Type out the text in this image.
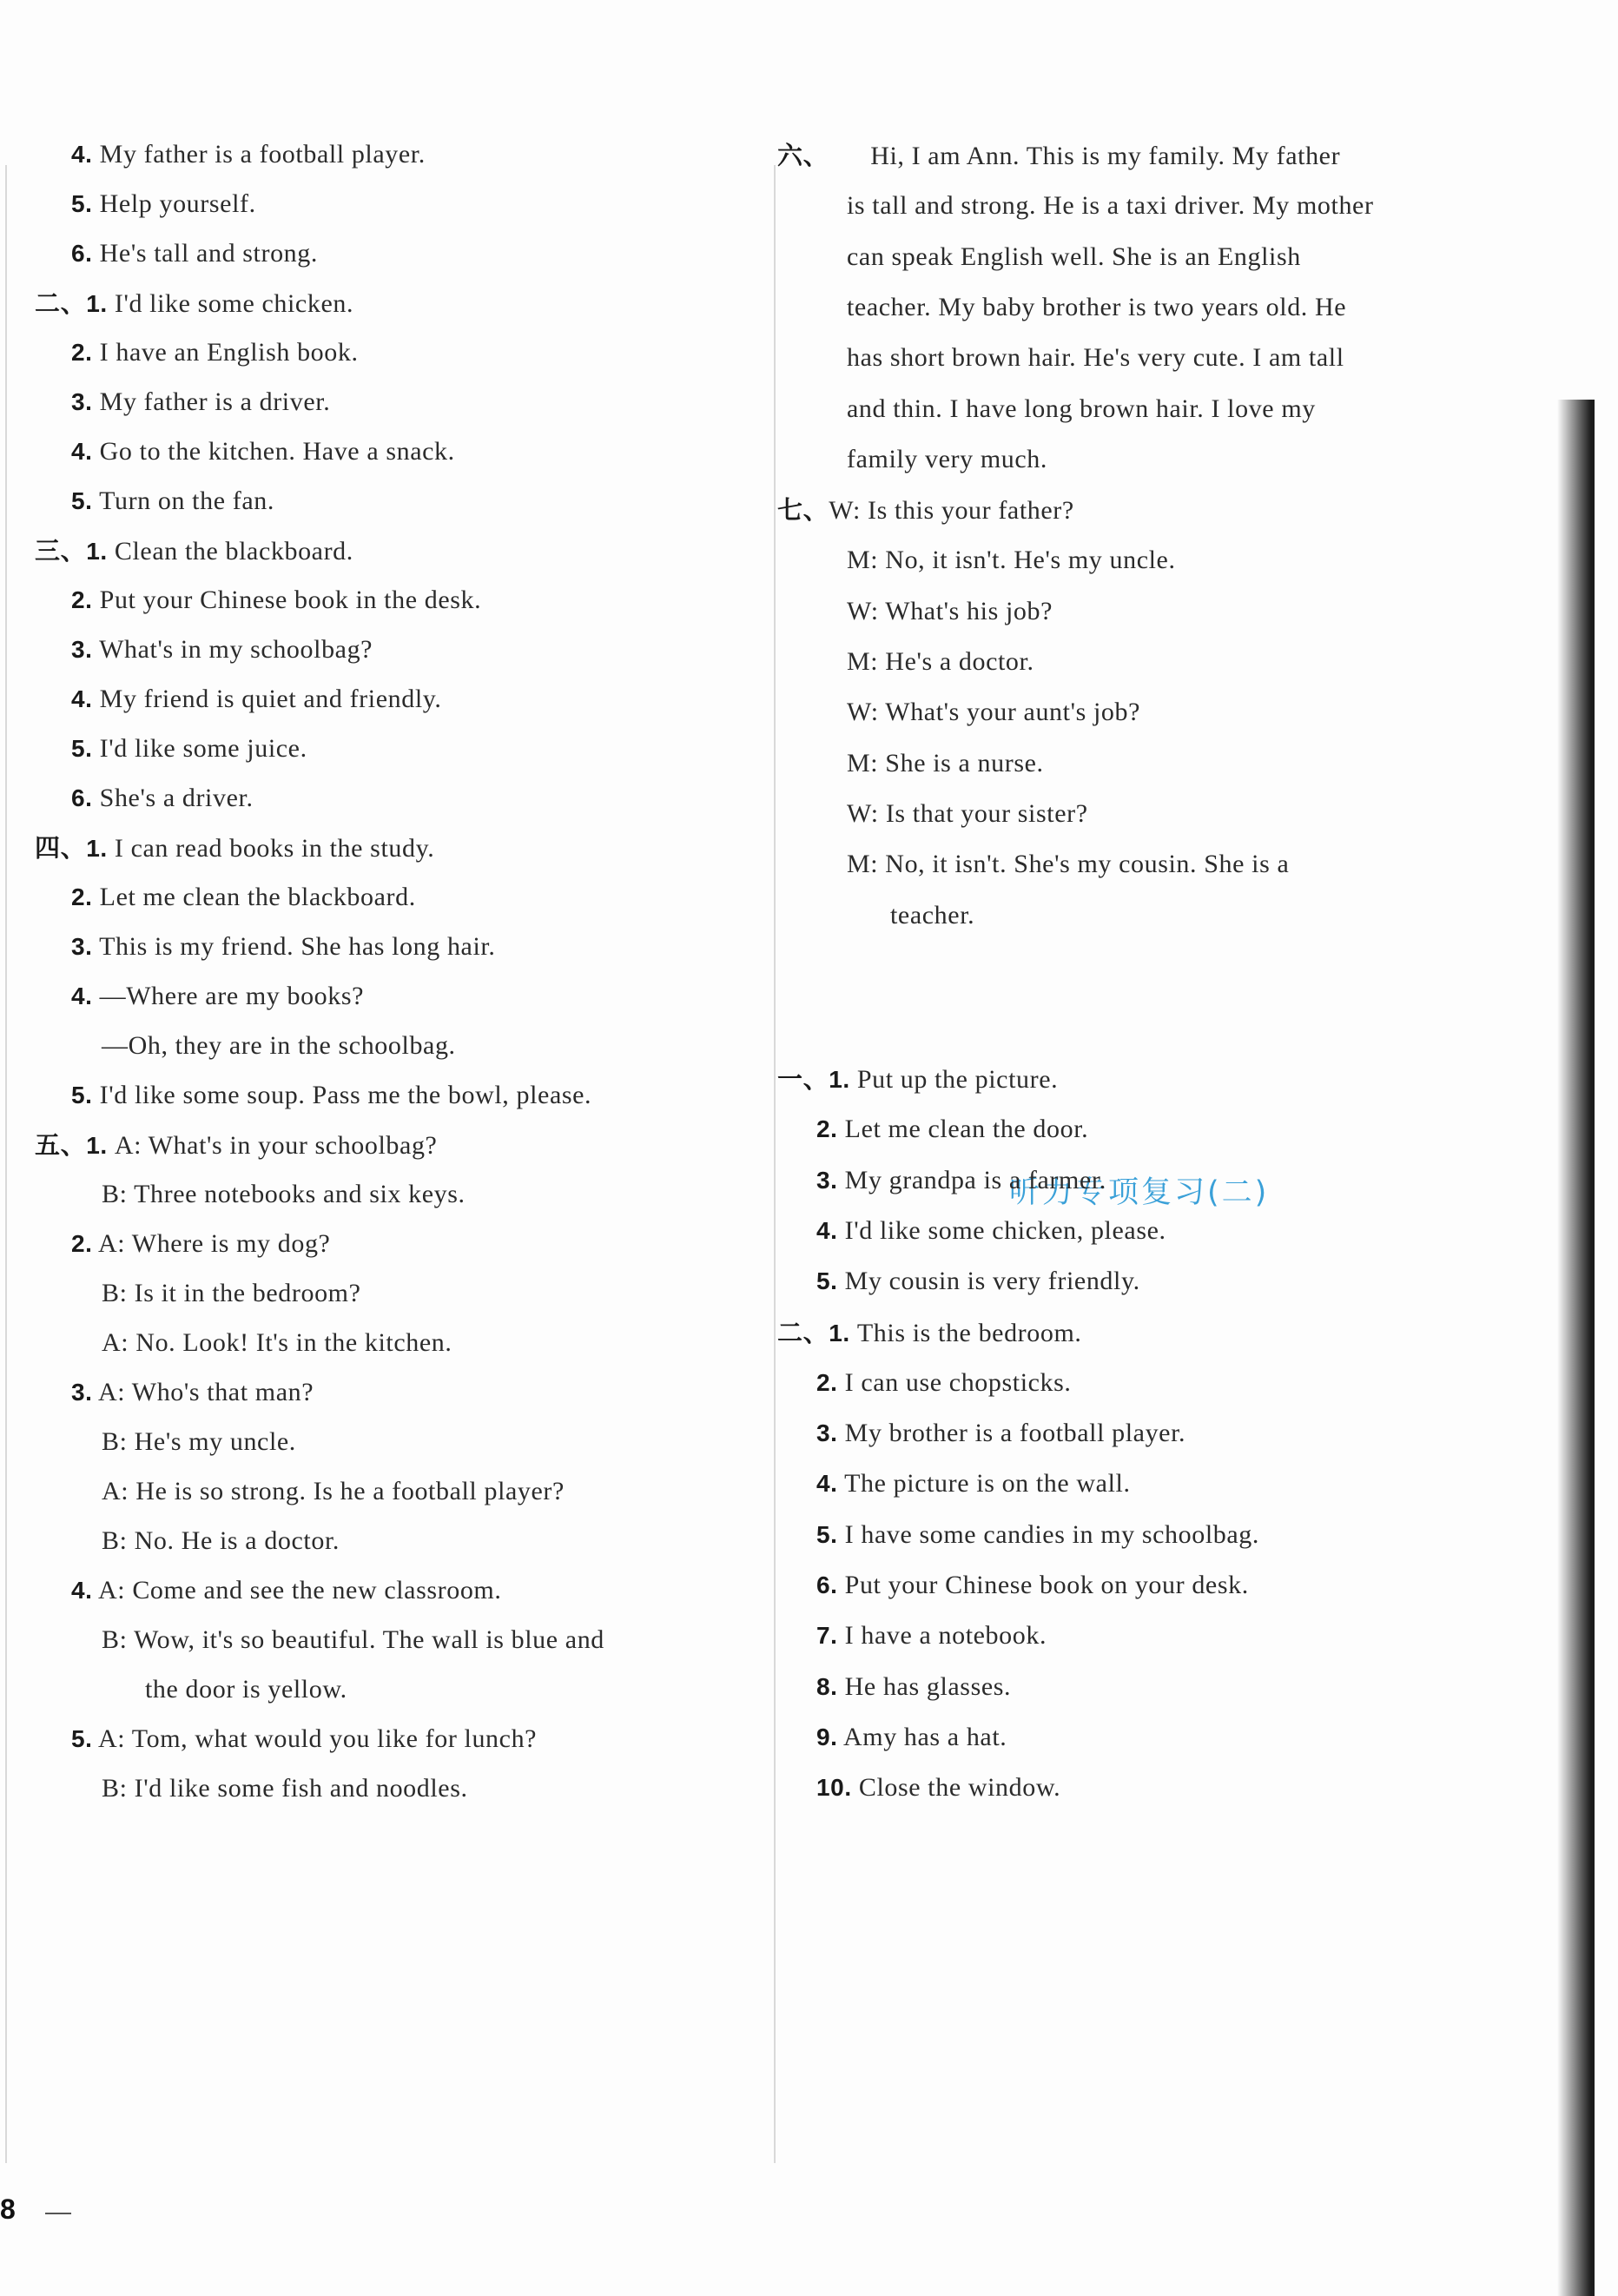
4. My father is a football player.
5. Help yourself.
6. He's tall and strong.
二、1. I'd like some chicken.
2. I have an English book.
3. My father is a driver.
4. Go to the kitchen. Have a snack.
5. Turn on the fan.
三、1. Clean the blackboard.
2. Put your Chinese book in the desk.
3. What's in my schoolbag?
4. My friend is quiet and friendly.
5. I'd like some juice.
6. She's a driver.
四、1. I can read books in the study.
2. Let me clean the blackboard.
3. This is my friend. She has long hair.
4. —Where are my books?
—Oh, they are in the schoolbag.
5. I'd like some soup. Pass me the bowl, please.
五、1. A: What's in your schoolbag?
B: Three notebooks and six keys.
2. A: Where is my dog?
B: Is it in the bedroom?
A: No. Look! It's in the kitchen.
3. A: Who's that man?
B: He's my uncle.
A: He is so strong. Is he a football player?
B: No. He is a doctor.
4. A: Come and see the new classroom.
B: Wow, it's so beautiful. The wall is blue and
the door is yellow.
5. A: Tom, what would you like for lunch?
B: I'd like some fish and noodles.
六、 Hi, I am Ann. This is my family. My father
is tall and strong. He is a taxi driver. My mother
can speak English well. She is an English
teacher. My baby brother is two years old. He
has short brown hair. He's very cute. I am tall
and thin. I have long brown hair. I love my
family very much.
七、W: Is this your father?
M: No, it isn't. He's my uncle.
W: What's his job?
M: He's a doctor.
W: What's your aunt's job?
M: She is a nurse.
W: Is that your sister?
M: No, it isn't. She's my cousin. She is a
teacher.
听力专项复习(二)
一、1. Put up the picture.
2. Let me clean the door.
3. My grandpa is a farmer.
4. I'd like some chicken, please.
5. My cousin is very friendly.
二、1. This is the bedroom.
2. I can use chopsticks.
3. My brother is a football player.
4. The picture is on the wall.
5. I have some candies in my schoolbag.
6. Put your Chinese book on your desk.
7. I have a notebook.
8. He has glasses.
9. Amy has a hat.
10. Close the window.
8
